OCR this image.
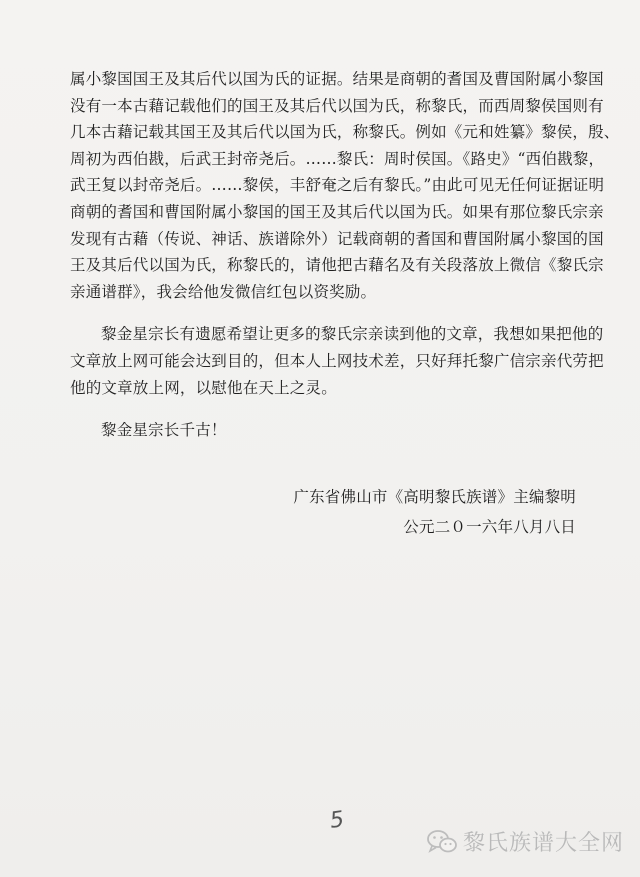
属小黎国国王及其后代以国为氏的证据。结果是商朝的耆国及曹国附属小黎国
没有一本古藉记载他们的国王及其后代以国为氏，称黎氏，而西周黎侯国则有
几本古藉记载其国王及其后代以国为氏，称黎氏。例如《元和姓纂》黎侯，殷、
周初为西伯戡，后武王封帝尧后。……黎氏：周时侯国。《路史》“西伯戡黎，
武王复以封帝尧后。……黎侯，丰舒奄之后有黎氏。”由此可见无任何证据证明
商朝的耆国和曹国附属小黎国的国王及其后代以国为氏。如果有那位黎氏宗亲
发现有古藉（传说、神话、族谱除外）记载商朝的耆国和曹国附属小黎国的国
王及其后代以国为氏，称黎氏的，请他把古藉名及有关段落放上微信《黎氏宗
亲通谱群》，我会给他发微信红包以资奖励。
黎金星宗长有遗愿希望让更多的黎氏宗亲读到他的文章，我想如果把他的
文章放上网可能会达到目的，但本人上网技术差，只好拜托黎广信宗亲代劳把
他的文章放上网，以慰他在天上之灵。
黎金星宗长千古！
广东省佛山市《高明黎氏族谱》主编黎明
公元二０一六年八月八日
5
黎氏族谱大全网
